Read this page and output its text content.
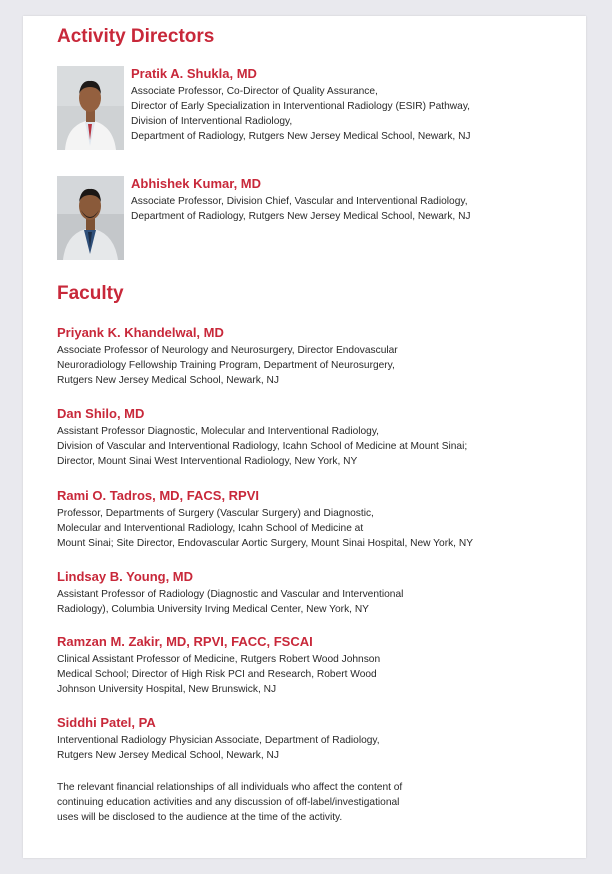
Activity Directors
Pratik A. Shukla, MD
Associate Professor, Co-Director of Quality Assurance,
Director of Early Specialization in Interventional Radiology (ESIR) Pathway,
Division of Interventional Radiology,
Department of Radiology, Rutgers New Jersey Medical School, Newark, NJ
Abhishek Kumar, MD
Associate Professor, Division Chief, Vascular and Interventional Radiology,
Department of Radiology, Rutgers New Jersey Medical School, Newark, NJ
Faculty
Priyank K. Khandelwal, MD
Associate Professor of Neurology and Neurosurgery, Director Endovascular
Neuroradiology Fellowship Training Program, Department of Neurosurgery,
Rutgers New Jersey Medical School, Newark, NJ
Dan Shilo, MD
Assistant Professor Diagnostic, Molecular and Interventional Radiology,
Division of Vascular and Interventional Radiology, Icahn School of Medicine at Mount Sinai;
Director, Mount Sinai West Interventional Radiology, New York, NY
Rami O. Tadros, MD, FACS, RPVI
Professor, Departments of Surgery (Vascular Surgery) and Diagnostic,
Molecular and Interventional Radiology, Icahn School of Medicine at
Mount Sinai; Site Director, Endovascular Aortic Surgery, Mount Sinai Hospital, New York, NY
Lindsay B. Young, MD
Assistant Professor of Radiology (Diagnostic and Vascular and Interventional
Radiology), Columbia University Irving Medical Center, New York, NY
Ramzan M. Zakir, MD, RPVI, FACC, FSCAI
Clinical Assistant Professor of Medicine, Rutgers Robert Wood Johnson
Medical School; Director of High Risk PCI and Research, Robert Wood
Johnson University Hospital, New Brunswick, NJ
Siddhi Patel, PA
Interventional Radiology Physician Associate, Department of Radiology,
Rutgers New Jersey Medical School, Newark, NJ
The relevant financial relationships of all individuals who affect the content of
continuing education activities and any discussion of off-label/investigational
uses will be disclosed to the audience at the time of the activity.
